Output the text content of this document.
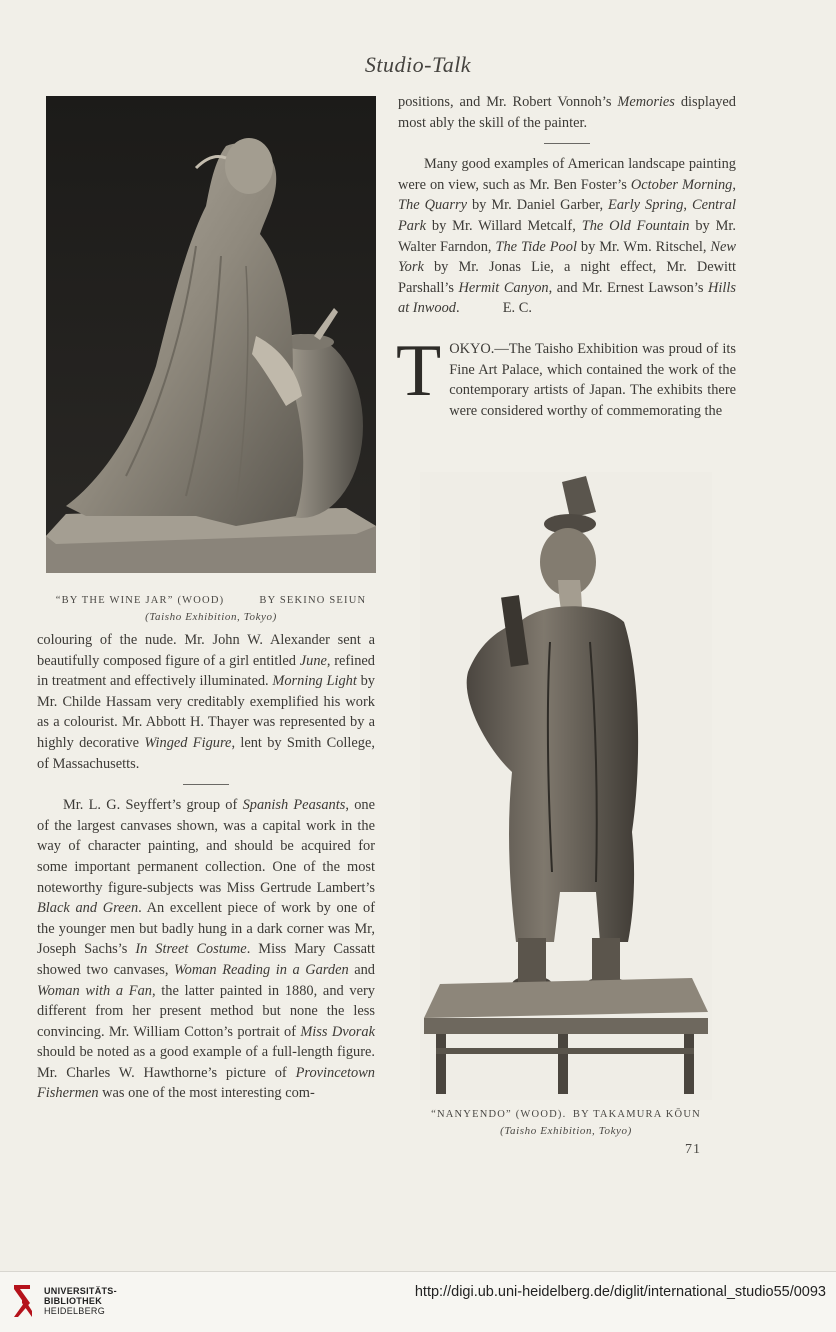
Studio-Talk
“BY THE WINE JAR” (WOOD)   BY SEKINO SEIUN
(Taisho Exhibition, Tokyo)

positions, and Mr. Robert Vonnoh’s Memories displayed most ably the skill of the painter.

Many good examples of American landscape painting were on view, such as Mr. Ben Foster’s October Morning, The Quarry by Mr. Daniel Garber, Early Spring, Central Park by Mr. Willard Metcalf, The Old Fountain by Mr. Walter Farndon, The Tide Pool by Mr. Wm. Ritschel, New York by Mr. Jonas Lie, a night effect, Mr. Dewitt Parshall’s Hermit Canyon, and Mr. Ernest Lawson’s Hills at Inwood.   E. C.

T OKYO.—The Taisho Exhibition was proud of its Fine Art Palace, which contained the work of the contemporary artists of Japan. The exhibits there were considered worthy of commemorating the

“NANYENDO” (WOOD). BY TAKAMURA KŌUN
(Taisho Exhibition, Tokyo)

colouring of the nude. Mr. John W. Alexander sent a beautifully composed figure of a girl entitled June, refined in treatment and effectively illuminated. Morning Light by Mr. Childe Hassam very creditably exemplified his work as a colourist. Mr. Abbott H. Thayer was represented by a highly decorative Winged Figure, lent by Smith College, of Massachusetts.

Mr. L. G. Seyffert’s group of Spanish Peasants, one of the largest canvases shown, was a capital work in the way of character painting, and should be acquired for some important permanent collection. One of the most noteworthy figure-subjects was Miss Gertrude Lambert’s Black and Green. An excellent piece of work by one of the younger men but badly hung in a dark corner was Mr, Joseph Sachs’s In Street Costume. Miss Mary Cassatt showed two canvases, Woman Reading in a Garden and Woman with a Fan, the latter painted in 1880, and very different from her present method but none the less convincing. Mr. William Cotton’s portrait of Miss Dvorak should be noted as a good example of a full-length figure. Mr. Charles W. Hawthorne’s picture of Provincetown Fishermen was one of the most interesting com-

71
UNIVERSITÄTS-
BIBLIOTHEK
HEIDELBERG
http://digi.ub.uni-heidelberg.de/diglit/international_studio55/0093
